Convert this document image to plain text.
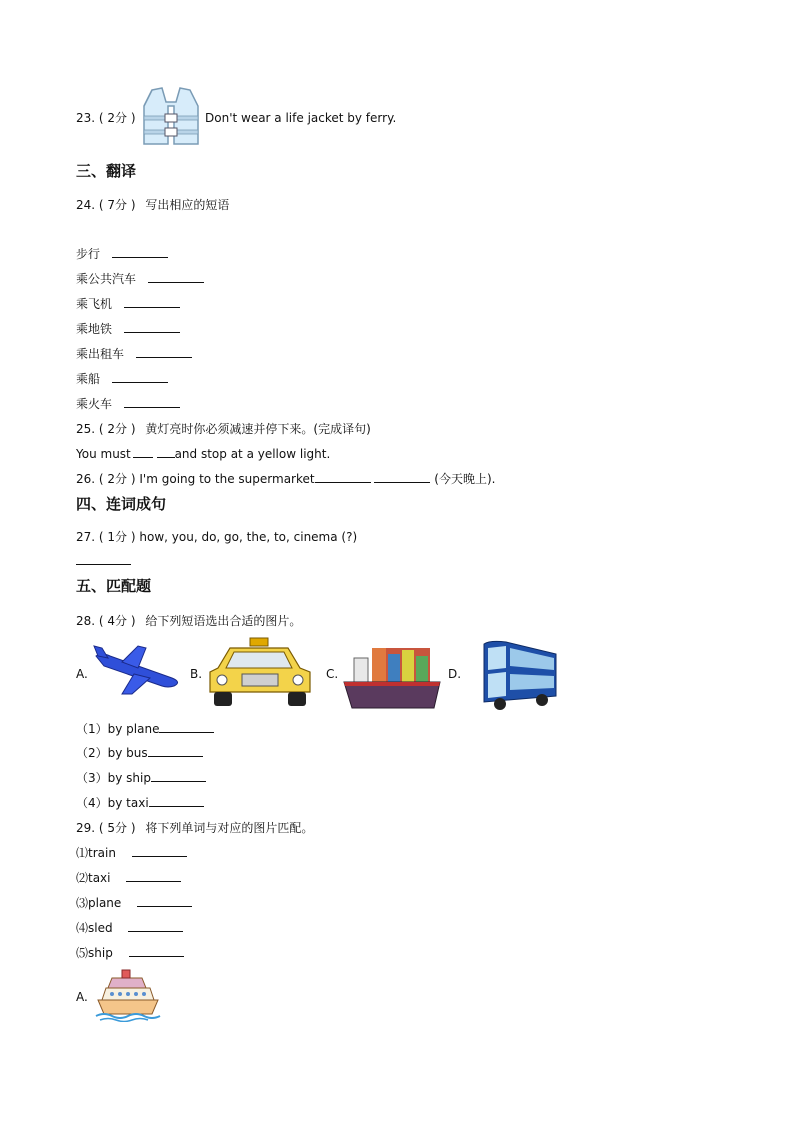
23. ( 2分 )	Don't wear a life jacket by ferry.
三、翻译
24. ( 7分 ) 写出相应的短语
步行
乘公共汽车
乘飞机
乘地铁
乘出租车
乘船
乘火车
25. ( 2分 ) 黄灯亮时你必须减速并停下来。(完成译句)
You must	and stop at a yellow light.
26. ( 2分 ) I'm going to the supermarket	(今天晚上).
四、连词成句
27. ( 1分 ) how, you, do, go, the, to, cinema (?)
五、匹配题
28. ( 4分 ) 给下列短语选出合适的图片。
A.	B.	C.	D.
（1）by plane
（2）by bus
（3）by ship
（4）by taxi
29. ( 5分 ) 将下列单词与对应的图片匹配。
⑴train
⑵taxi
⑶plane
⑷sled
⑸ship
A.
